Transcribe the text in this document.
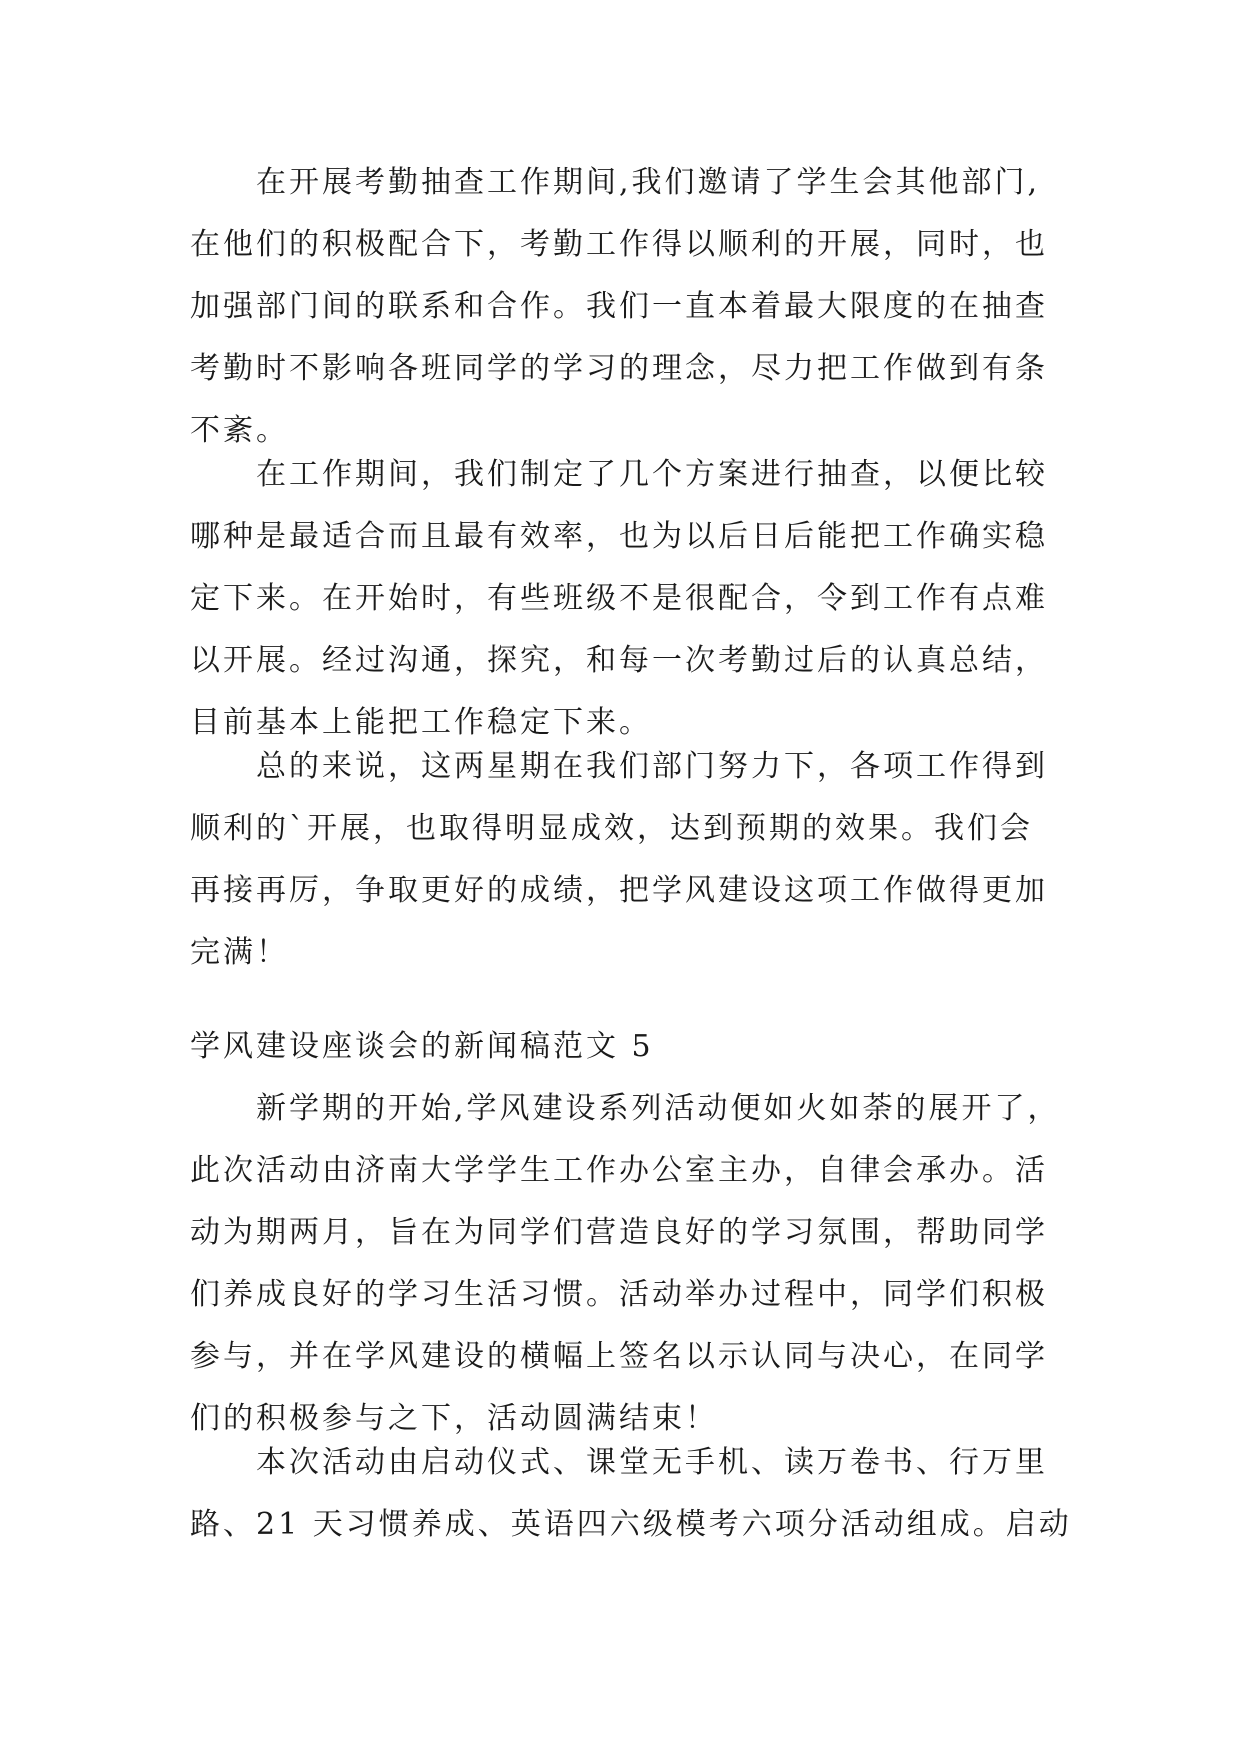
在开展考勤抽查工作期间,我们邀请了学生会其他部门,
在他们的积极配合下，考勤工作得以顺利的开展，同时，也
加强部门间的联系和合作。我们一直本着最大限度的在抽查
考勤时不影响各班同学的学习的理念，尽力把工作做到有条
不紊。
在工作期间，我们制定了几个方案进行抽查，以便比较
哪种是最适合而且最有效率，也为以后日后能把工作确实稳
定下来。在开始时，有些班级不是很配合，令到工作有点难
以开展。经过沟通，探究，和每一次考勤过后的认真总结，
目前基本上能把工作稳定下来。
总的来说，这两星期在我们部门努力下，各项工作得到
顺利的`开展，也取得明显成效，达到预期的效果。我们会
再接再厉，争取更好的成绩，把学风建设这项工作做得更加
完满！
学风建设座谈会的新闻稿范文 5
新学期的开始,学风建设系列活动便如火如荼的展开了，
此次活动由济南大学学生工作办公室主办，自律会承办。活
动为期两月，旨在为同学们营造良好的学习氛围，帮助同学
们养成良好的学习生活习惯。活动举办过程中，同学们积极
参与，并在学风建设的横幅上签名以示认同与决心，在同学
们的积极参与之下，活动圆满结束！
本次活动由启动仪式、课堂无手机、读万卷书、行万里
路、21 天习惯养成、英语四六级模考六项分活动组成。启动
